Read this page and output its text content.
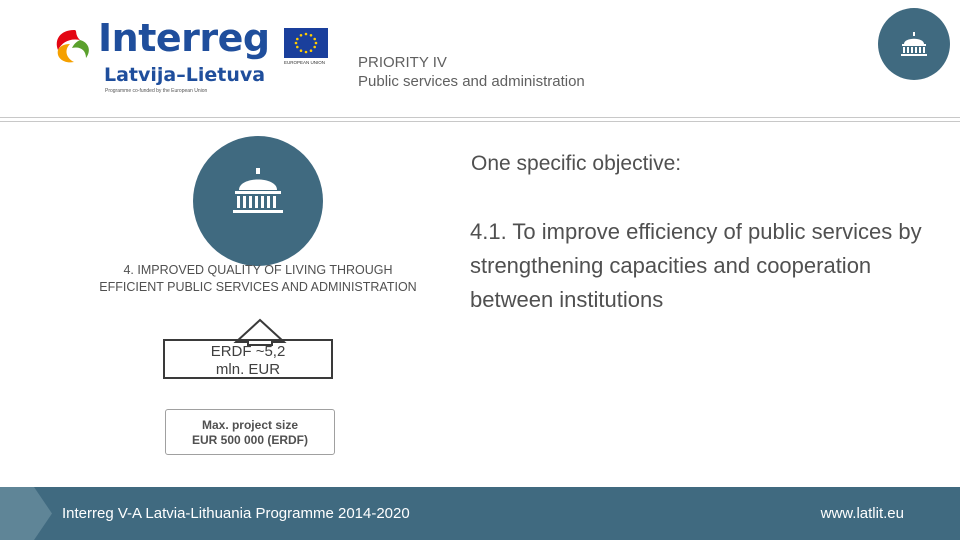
Interreg
Latvija–Lietuva
Programme co-funded by the European Union
EUROPEAN UNION PRIORITY IV
Public services and administration
4. IMPROVED QUALITY OF LIVING THROUGH EFFICIENT PUBLIC SERVICES AND ADMINISTRATION
ERDF ~5,2
mln. EUR
Max. project size
EUR 500 000 (ERDF)
One specific objective:
4.1. To improve efficiency of public services by strengthening capacities and cooperation between institutions
Interreg V-A Latvia-Lithuania Programme 2014-2020	www.latlit.eu
